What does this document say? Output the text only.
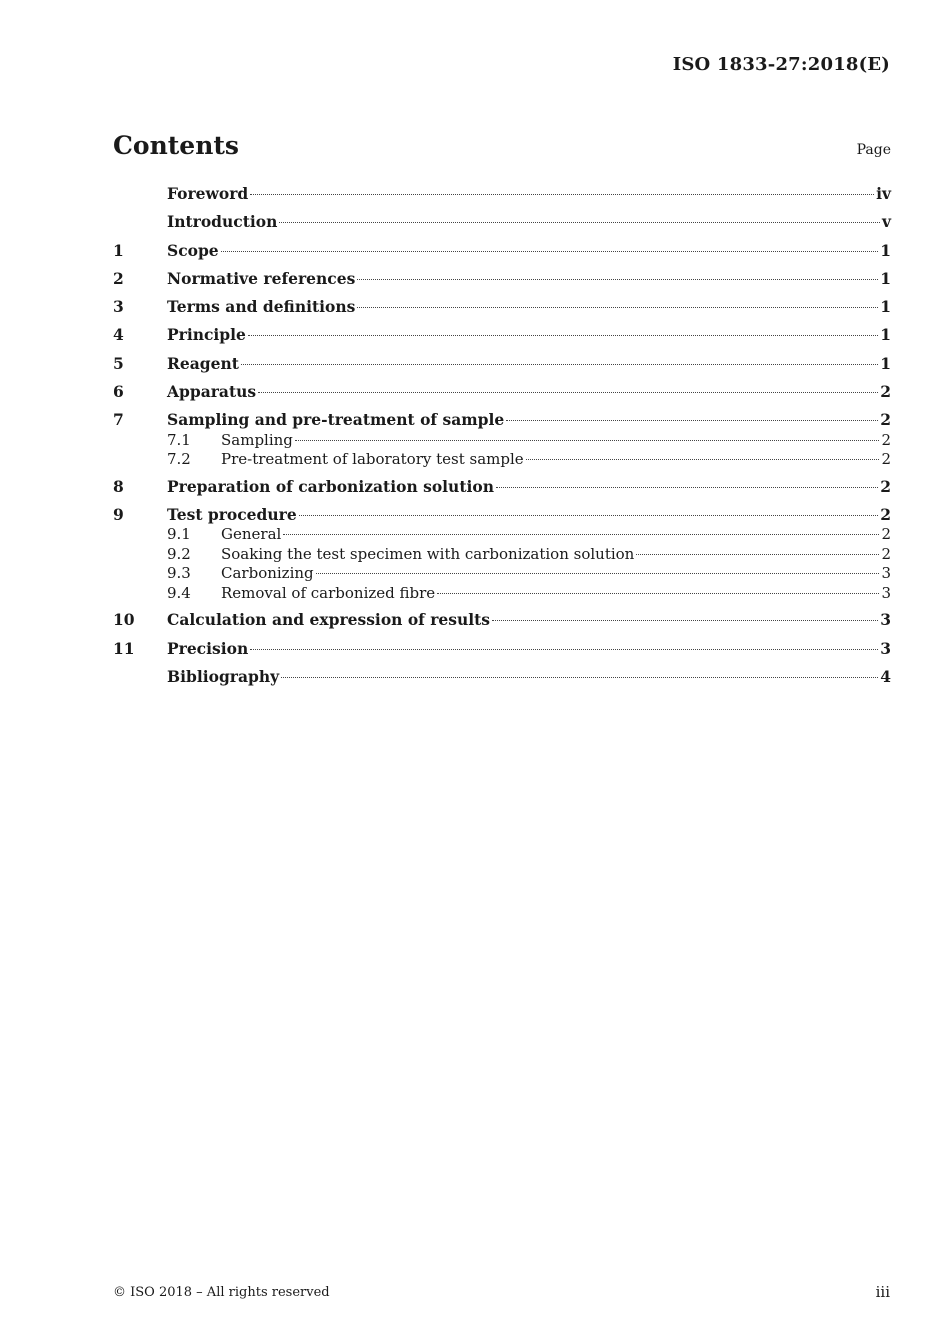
ISO 1833-27:2018(E)
Contents	Page
Foreword	iv
Introduction	v
1	Scope	1
2	Normative references	1
3	Terms and definitions	1
4	Principle	1
5	Reagent	1
6	Apparatus	2
7	Sampling and pre-treatment of sample	2
7.1	Sampling	2
7.2	Pre-treatment of laboratory test sample	2
8	Preparation of carbonization solution	2
9	Test procedure	2
9.1	General	2
9.2	Soaking the test specimen with carbonization solution	2
9.3	Carbonizing	3
9.4	Removal of carbonized fibre	3
10	Calculation and expression of results	3
11	Precision	3
Bibliography	4
© ISO 2018 – All rights reserved	iii
